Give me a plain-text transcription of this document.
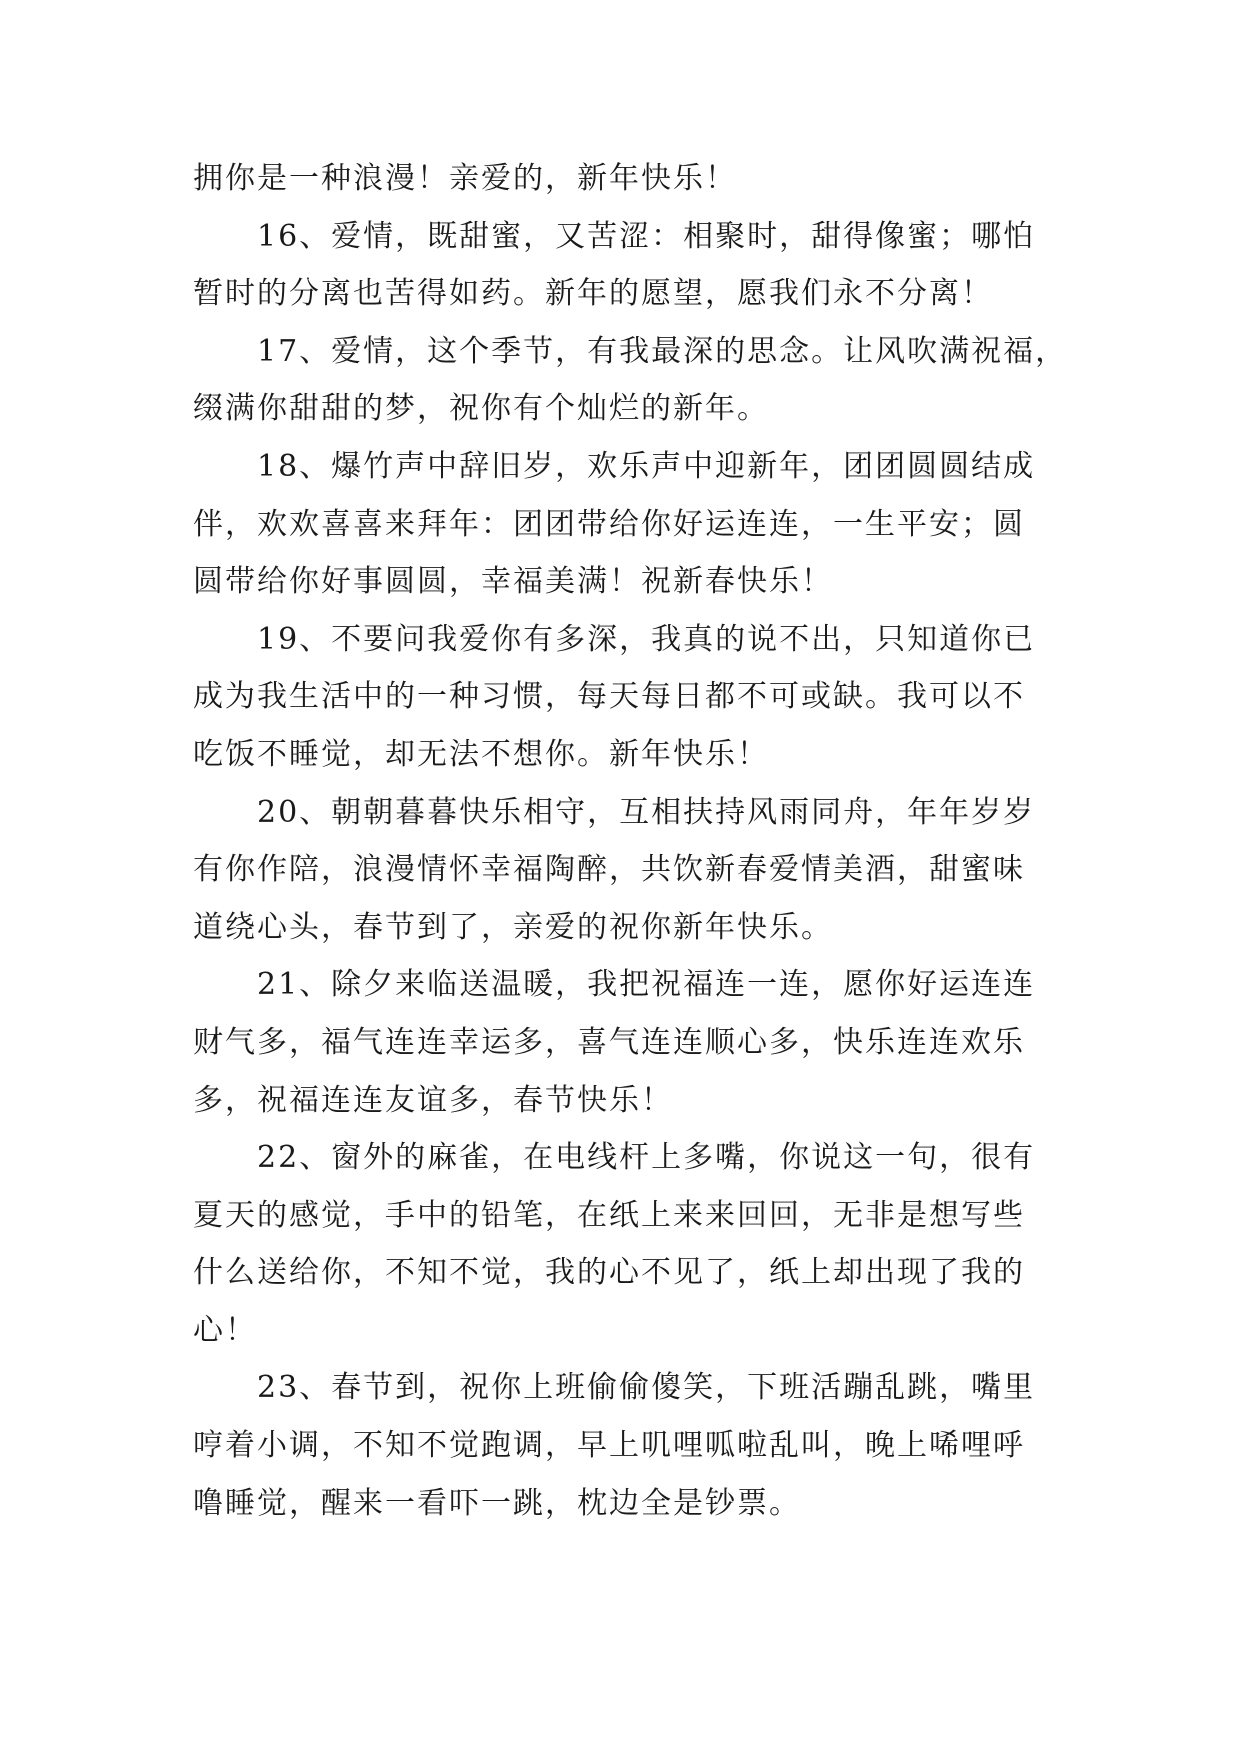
拥你是一种浪漫！亲爱的，新年快乐！
16、爱情，既甜蜜，又苦涩：相聚时，甜得像蜜；哪怕
暂时的分离也苦得如药。新年的愿望，愿我们永不分离！
17、爱情，这个季节，有我最深的思念。让风吹满祝福，
缀满你甜甜的梦，祝你有个灿烂的新年。
18、爆竹声中辞旧岁，欢乐声中迎新年，团团圆圆结成
伴，欢欢喜喜来拜年：团团带给你好运连连，一生平安；圆
圆带给你好事圆圆，幸福美满！祝新春快乐！
19、不要问我爱你有多深，我真的说不出，只知道你已
成为我生活中的一种习惯，每天每日都不可或缺。我可以不
吃饭不睡觉，却无法不想你。新年快乐！
20、朝朝暮暮快乐相守，互相扶持风雨同舟，年年岁岁
有你作陪，浪漫情怀幸福陶醉，共饮新春爱情美酒，甜蜜味
道绕心头，春节到了，亲爱的祝你新年快乐。
21、除夕来临送温暖，我把祝福连一连，愿你好运连连
财气多，福气连连幸运多，喜气连连顺心多，快乐连连欢乐
多，祝福连连友谊多，春节快乐！
22、窗外的麻雀，在电线杆上多嘴，你说这一句，很有
夏天的感觉，手中的铅笔，在纸上来来回回，无非是想写些
什么送给你，不知不觉，我的心不见了，纸上却出现了我的
心！
23、春节到，祝你上班偷偷傻笑，下班活蹦乱跳，嘴里
哼着小调，不知不觉跑调，早上叽哩呱啦乱叫，晚上唏哩呼
噜睡觉，醒来一看吓一跳，枕边全是钞票。
